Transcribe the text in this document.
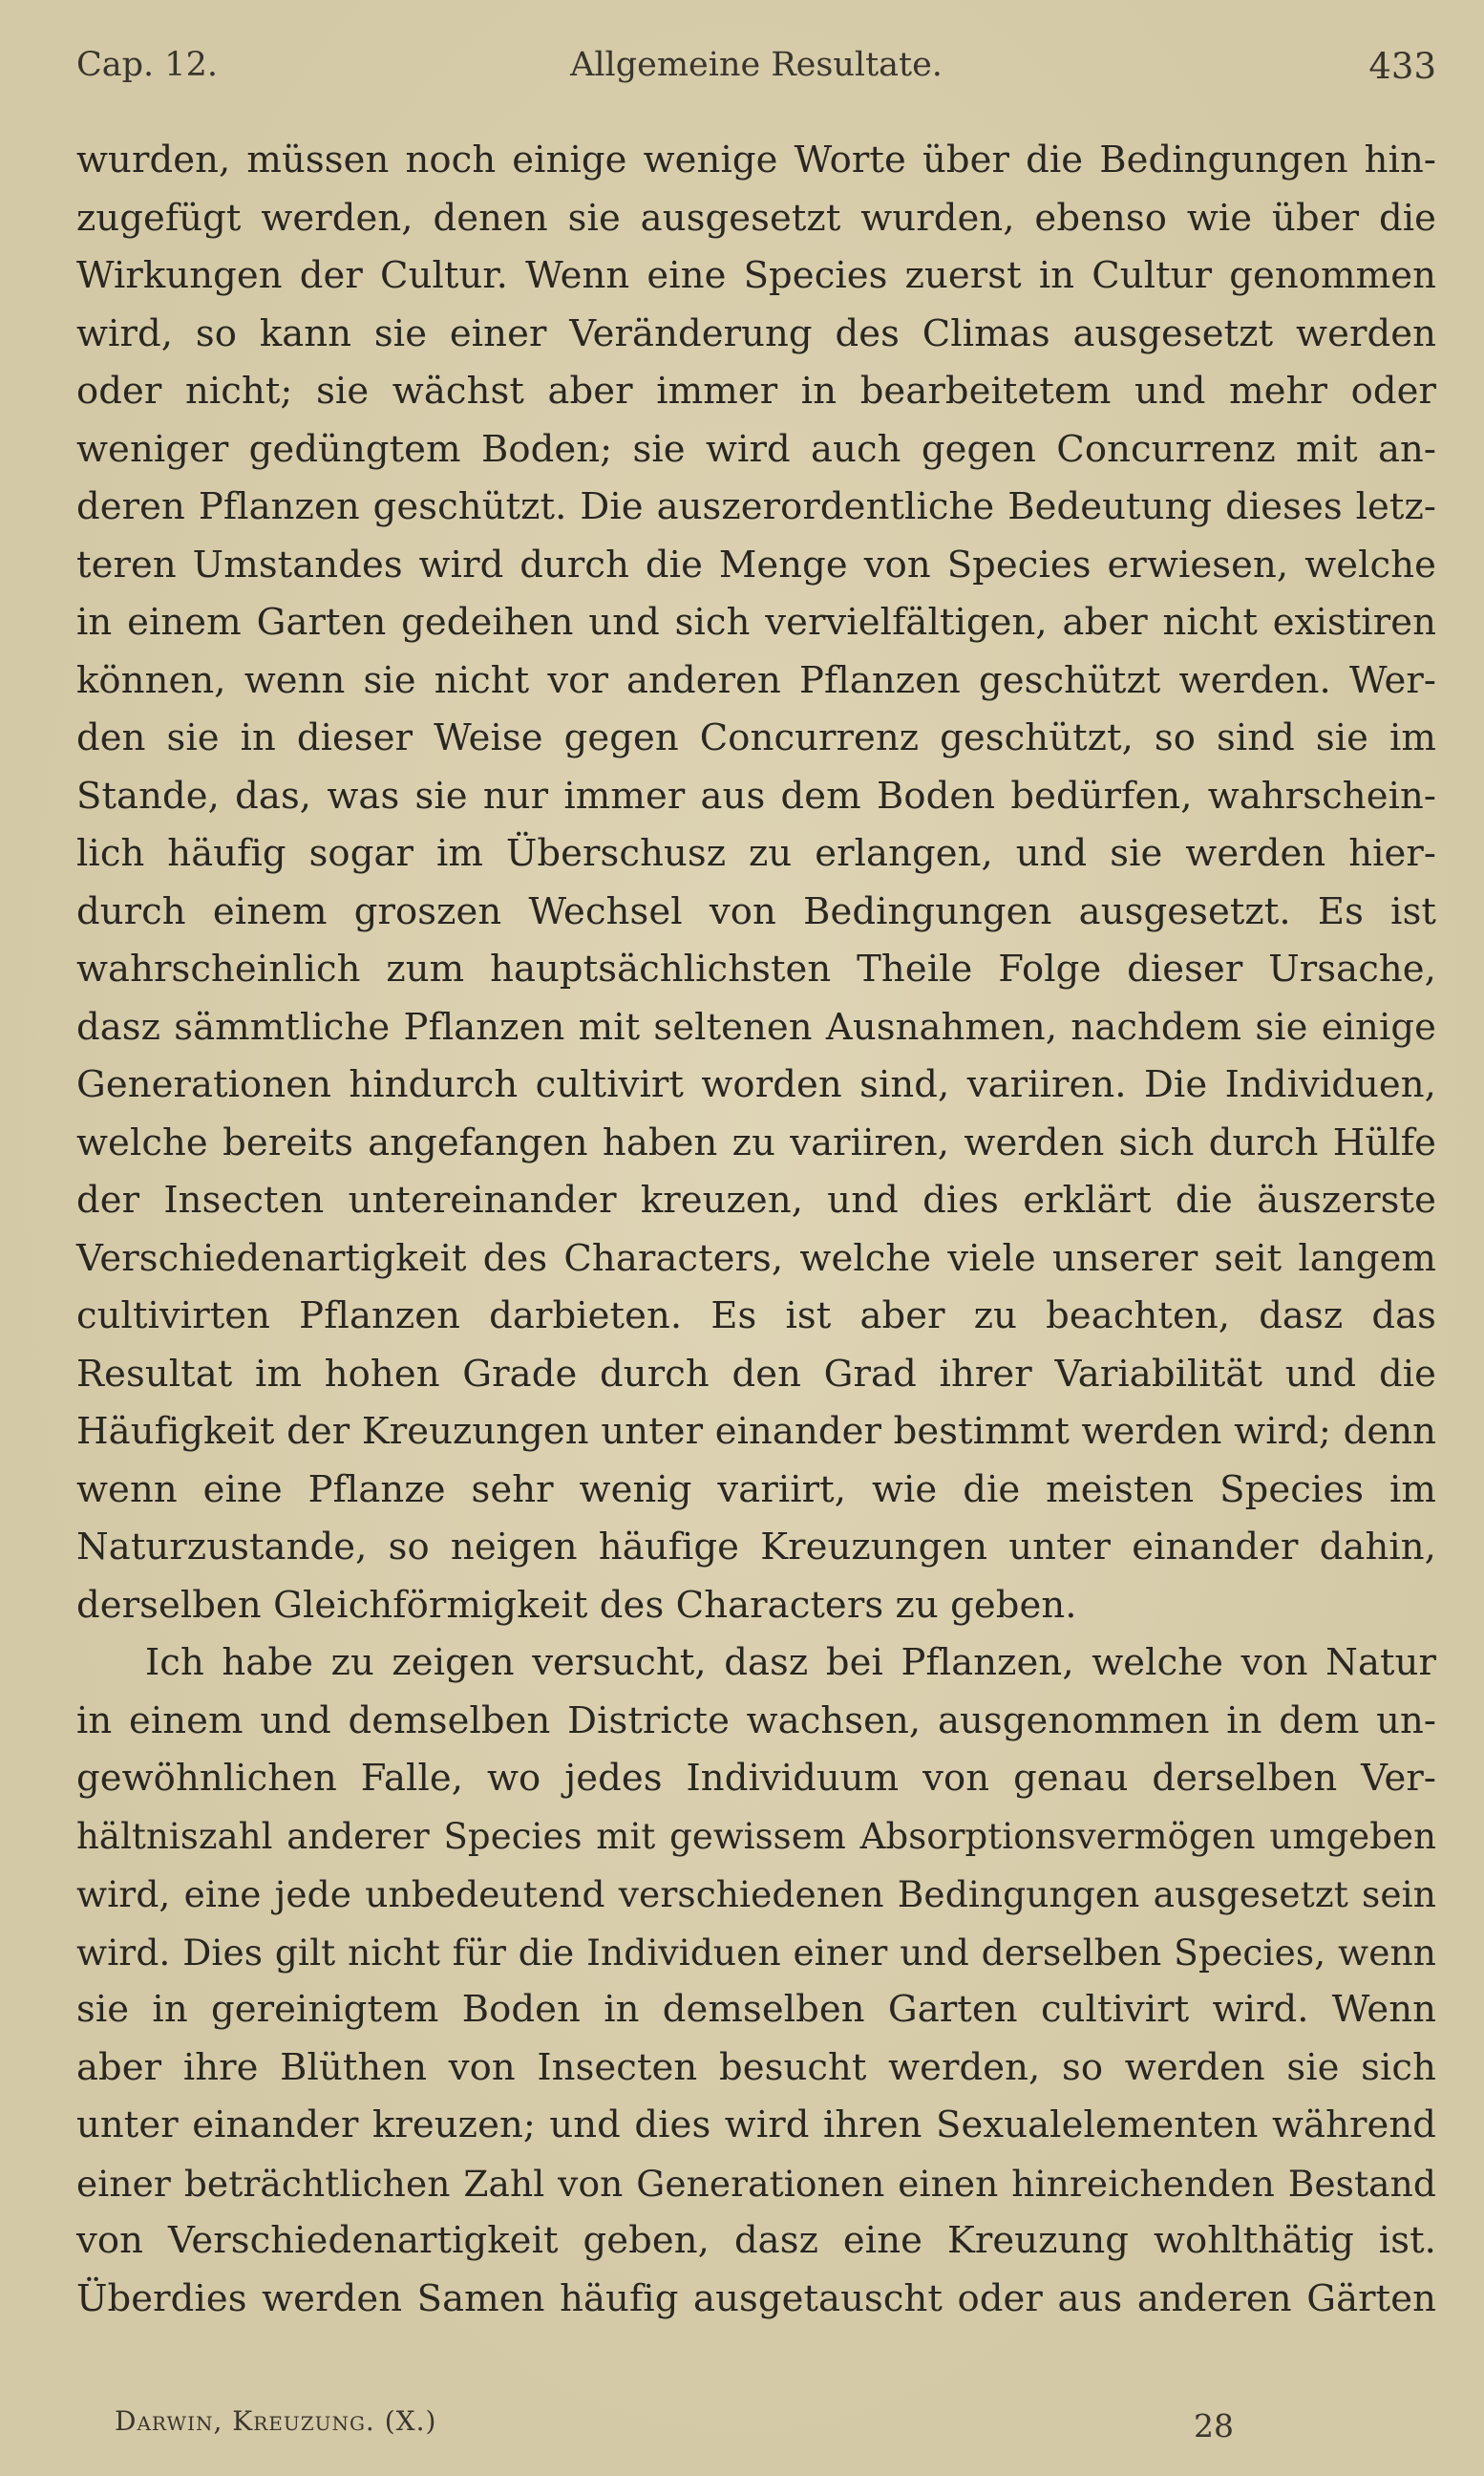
Cap. 12.	Allgemeine Resultate.	433
wurden, müssen noch einige wenige Worte über die Bedingungen hin-
zugefügt werden, denen sie ausgesetzt wurden, ebenso wie über die
Wirkungen der Cultur. Wenn eine Species zuerst in Cultur genommen
wird, so kann sie einer Veränderung des Climas ausgesetzt werden
oder nicht; sie wächst aber immer in bearbeitetem und mehr oder
weniger gedüngtem Boden; sie wird auch gegen Concurrenz mit an-
deren Pflanzen geschützt. Die auszerordentliche Bedeutung dieses letz-
teren Umstandes wird durch die Menge von Species erwiesen, welche
in einem Garten gedeihen und sich vervielfältigen, aber nicht existiren
können, wenn sie nicht vor anderen Pflanzen geschützt werden. Wer-
den sie in dieser Weise gegen Concurrenz geschützt, so sind sie im
Stande, das, was sie nur immer aus dem Boden bedürfen, wahrschein-
lich häufig sogar im Überschusz zu erlangen, und sie werden hier-
durch einem groszen Wechsel von Bedingungen ausgesetzt. Es ist
wahrscheinlich zum hauptsächlichsten Theile Folge dieser Ursache,
dasz sämmtliche Pflanzen mit seltenen Ausnahmen, nachdem sie einige
Generationen hindurch cultivirt worden sind, variiren. Die Individuen,
welche bereits angefangen haben zu variiren, werden sich durch Hülfe
der Insecten untereinander kreuzen, und dies erklärt die äuszerste
Verschiedenartigkeit des Characters, welche viele unserer seit langem
cultivirten Pflanzen darbieten. Es ist aber zu beachten, dasz das
Resultat im hohen Grade durch den Grad ihrer Variabilität und die
Häufigkeit der Kreuzungen unter einander bestimmt werden wird; denn
wenn eine Pflanze sehr wenig variirt, wie die meisten Species im
Naturzustande, so neigen häufige Kreuzungen unter einander dahin,
derselben Gleichförmigkeit des Characters zu geben.
Ich habe zu zeigen versucht, dasz bei Pflanzen, welche von Natur
in einem und demselben Districte wachsen, ausgenommen in dem un-
gewöhnlichen Falle, wo jedes Individuum von genau derselben Ver-
hältniszahl anderer Species mit gewissem Absorptionsvermögen umgeben
wird, eine jede unbedeutend verschiedenen Bedingungen ausgesetzt sein
wird. Dies gilt nicht für die Individuen einer und derselben Species, wenn
sie in gereinigtem Boden in demselben Garten cultivirt wird. Wenn
aber ihre Blüthen von Insecten besucht werden, so werden sie sich
unter einander kreuzen; und dies wird ihren Sexualelementen während
einer beträchtlichen Zahl von Generationen einen hinreichenden Bestand
von Verschiedenartigkeit geben, dasz eine Kreuzung wohlthätig ist.
Überdies werden Samen häufig ausgetauscht oder aus anderen Gärten
Darwin, Kreuzung. (X.)	28
